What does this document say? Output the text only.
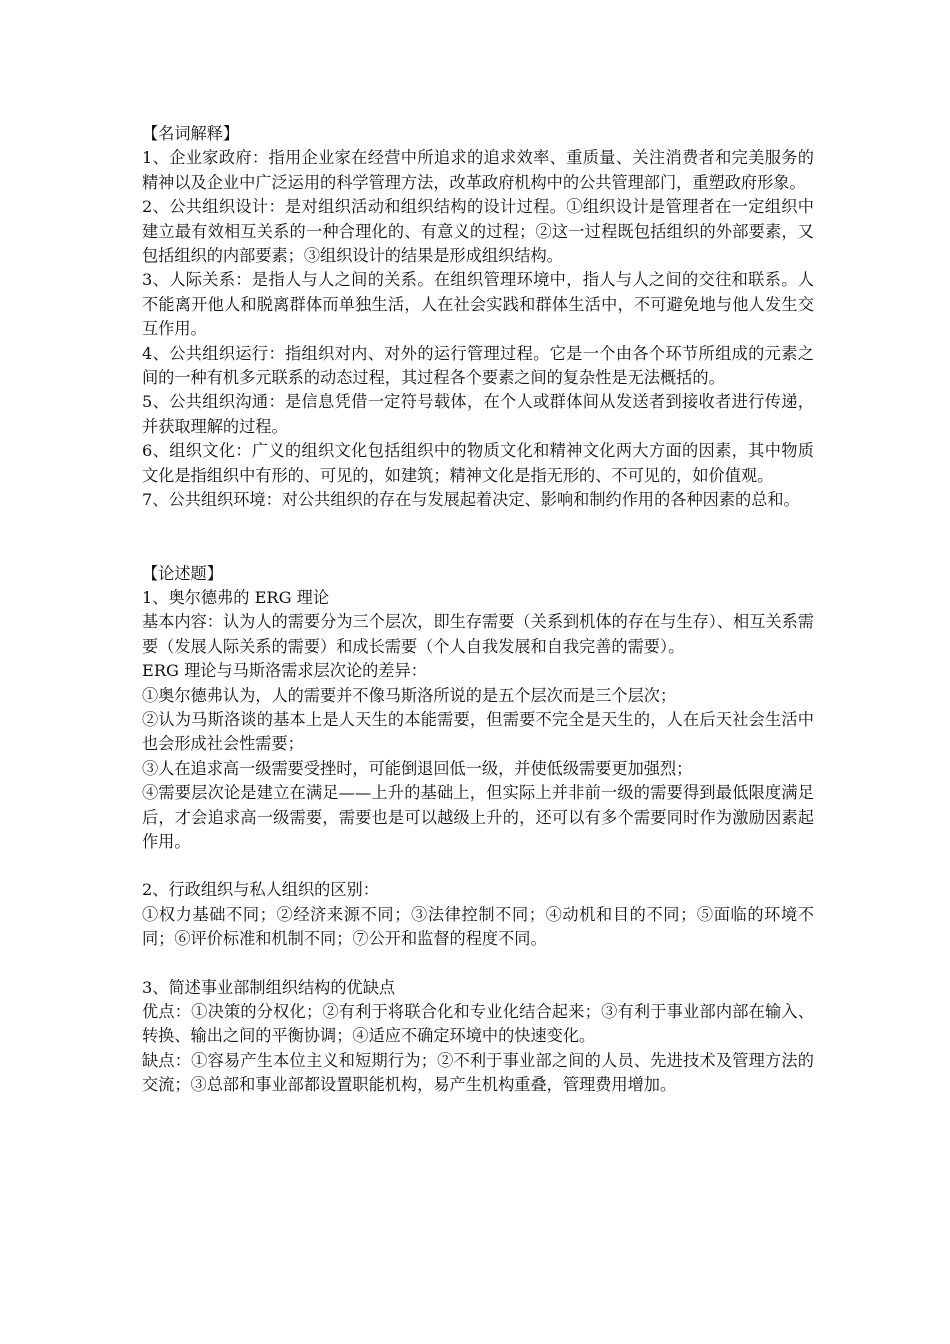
【名词解释】

1、企业家政府：指用企业家在经营中所追求的追求效率、重质量、关注消费者和完美服务的精神以及企业中广泛运用的科学管理方法，改革政府机构中的公共管理部门，重塑政府形象。

2、公共组织设计：是对组织活动和组织结构的设计过程。①组织设计是管理者在一定组织中建立最有效相互关系的一种合理化的、有意义的过程；②这一过程既包括组织的外部要素，又包括组织的内部要素；③组织设计的结果是形成组织结构。

3、人际关系：是指人与人之间的关系。在组织管理环境中，指人与人之间的交往和联系。人不能离开他人和脱离群体而单独生活，人在社会实践和群体生活中，不可避免地与他人发生交互作用。

4、公共组织运行：指组织对内、对外的运行管理过程。它是一个由各个环节所组成的元素之间的一种有机多元联系的动态过程，其过程各个要素之间的复杂性是无法概括的。

5、公共组织沟通：是信息凭借一定符号载体，在个人或群体间从发送者到接收者进行传递，并获取理解的过程。

6、组织文化：广义的组织文化包括组织中的物质文化和精神文化两大方面的因素，其中物质文化是指组织中有形的、可见的，如建筑；精神文化是指无形的、不可见的，如价值观。

7、公共组织环境：对公共组织的存在与发展起着决定、影响和制约作用的各种因素的总和。

【论述题】

1、奥尔德弗的 ERG 理论

基本内容：认为人的需要分为三个层次，即生存需要（关系到机体的存在与生存）、相互关系需要（发展人际关系的需要）和成长需要（个人自我发展和自我完善的需要）。

ERG 理论与马斯洛需求层次论的差异：

①奥尔德弗认为，人的需要并不像马斯洛所说的是五个层次而是三个层次；

②认为马斯洛谈的基本上是人天生的本能需要，但需要不完全是天生的，人在后天社会生活中也会形成社会性需要；

③人在追求高一级需要受挫时，可能倒退回低一级，并使低级需要更加强烈；

④需要层次论是建立在满足——上升的基础上，但实际上并非前一级的需要得到最低限度满足后，才会追求高一级需要，需要也是可以越级上升的，还可以有多个需要同时作为激励因素起作用。

2、行政组织与私人组织的区别：

①权力基础不同；②经济来源不同；③法律控制不同；④动机和目的不同；⑤面临的环境不同；⑥评价标准和机制不同；⑦公开和监督的程度不同。

3、简述事业部制组织结构的优缺点

优点：①决策的分权化；②有利于将联合化和专业化结合起来；③有利于事业部内部在输入、转换、输出之间的平衡协调；④适应不确定环境中的快速变化。

缺点：①容易产生本位主义和短期行为；②不利于事业部之间的人员、先进技术及管理方法的交流；③总部和事业部都设置职能机构，易产生机构重叠，管理费用增加。
